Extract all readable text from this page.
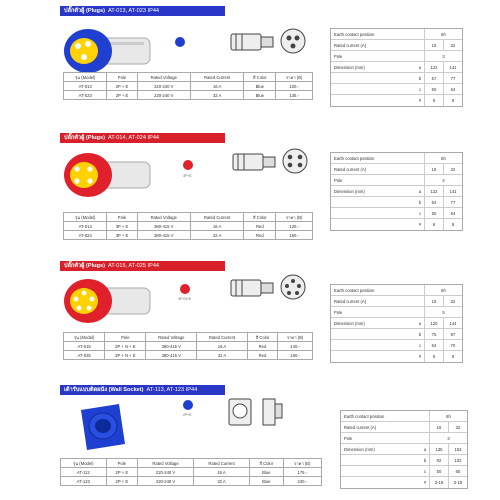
ปลั๊กตัวผู้ (Plugs) AT-013, AT-023 IP44
รุ่น (Model)	Pole	Rated Voltage	Rated Current	สี Color	ราคา (B)
AT-013	2P + E	220-240 V	16 A	Blue	100.-
AT-023	2P + E	220-240 V	32 A	Blue	135.-
Earth contact position	6h
Rated current (A)	16	32
Pole	3
Dimension (mm)	a	122	141
b	57	77
c	50	64
#	6	8
ปลั๊กตัวผู้ (Plugs) AT-014, AT-024 IP44
3P+E
รุ่น (Model)	Pole	Rated Voltage	Rated Current	สี Color	ราคา (B)
AT-014	3P + E	380-415 V	16 A	Red	120.-
AT-024	3P + E	380-415 V	32 A	Red	160.-
Earth contact position	6h
Rated current (A)	16	32
Pole	4
Dimension (mm)	a	122	141
b	64	77
c	50	64
#	6	8
ปลั๊กตัวผู้ (Plugs) AT-015, AT-025 IP44
3P+N+E
รุ่น (Model)	Pole	Rated Voltage	Rated Current	สี Color	ราคา (B)
AT-015	3P + N + E	380-415 V	16 A	Red	140.-
AT-025	3P + N + E	380-415 V	32 A	Red	180.-
Earth contact position	6h
Rated current (A)	16	32
Pole	5
Dimension (mm)	a	120	144
b	75	87
c	64	70
#	6	8
เต้ารับแบบติดผนัง (Wall Socket) AT-113, AT-123 IP44
2P+E
รุ่น (Model)	Pole	Rated Voltage	Rated Current	สี Color	ราคา (B)
AT-112	2P + E	220-240 V	16 A	Blue	175.-
AT-123	2P + E	220-240 V	32 A	Blue	240.-
Earth contact position	6h
Rated current (A)	16	32
Pole	3
Dimension (mm)	a	135	153
b	92	102
c	50	65
#	3-18	3-18
